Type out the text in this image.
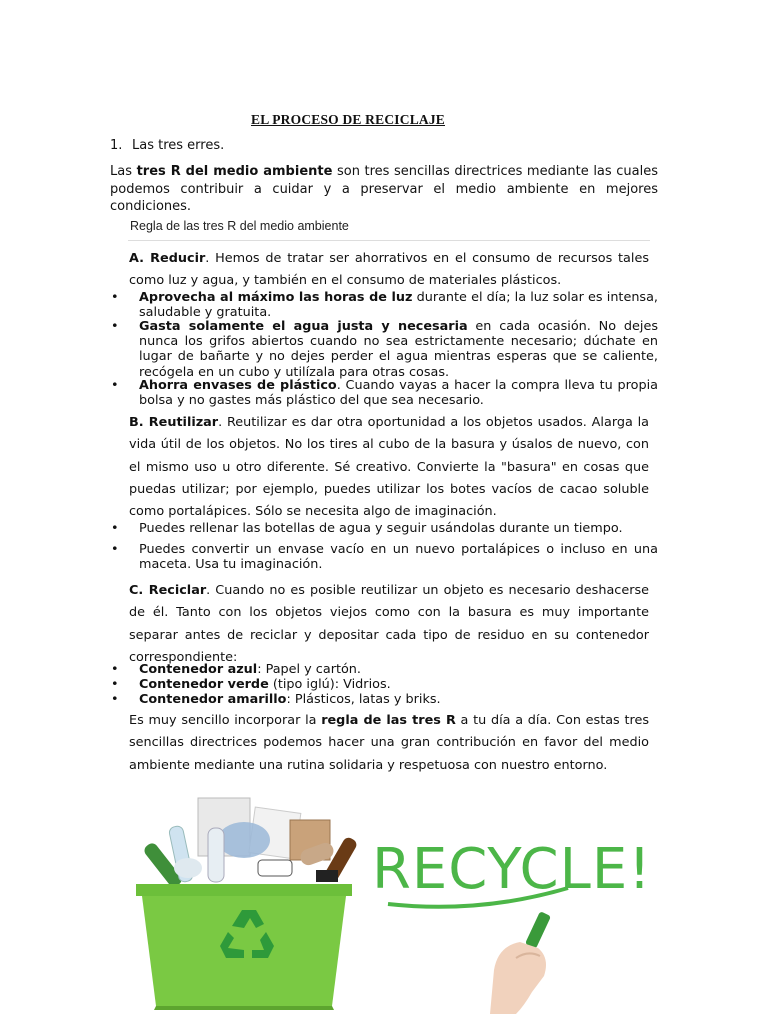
EL PROCESO DE RECICLAJE
1. Las tres erres.
Las tres R del medio ambiente son tres sencillas directrices mediante las cuales podemos contribuir a cuidar y a preservar el medio ambiente en mejores condiciones.
Regla de las tres R del medio ambiente
A. Reducir. Hemos de tratar ser ahorrativos en el consumo de recursos tales como luz y agua, y también en el consumo de materiales plásticos.
•	Aprovecha al máximo las horas de luz durante el día; la luz solar es intensa, saludable y gratuita.
•	Gasta solamente el agua justa y necesaria en cada ocasión. No dejes nunca los grifos abiertos cuando no sea estrictamente necesario; dúchate en lugar de bañarte y no dejes perder el agua mientras esperas que se caliente, recógela en un cubo y utilízala para otras cosas.
•	Ahorra envases de plástico. Cuando vayas a hacer la compra lleva tu propia bolsa y no gastes más plástico del que sea necesario.
B. Reutilizar. Reutilizar es dar otra oportunidad a los objetos usados. Alarga la vida útil de los objetos. No los tires al cubo de la basura y úsalos de nuevo, con el mismo uso u otro diferente. Sé creativo. Convierte la "basura" en cosas que puedas utilizar; por ejemplo, puedes utilizar los botes vacíos de cacao soluble como portalápices. Sólo se necesita algo de imaginación.
•	Puedes rellenar las botellas de agua y seguir usándolas durante un tiempo.
•	Puedes convertir un envase vacío en un nuevo portalápices o incluso en una maceta. Usa tu imaginación.
C. Reciclar. Cuando no es posible reutilizar un objeto es necesario deshacerse de él. Tanto con los objetos viejos como con la basura es muy importante separar antes de reciclar y depositar cada tipo de residuo en su contenedor correspondiente:
•	Contenedor azul: Papel y cartón.
•	Contenedor verde (tipo iglú): Vidrios.
•	Contenedor amarillo: Plásticos, latas y briks.
Es muy sencillo incorporar la regla de las tres R a tu día a día. Con estas tres sencillas directrices podemos hacer una gran contribución en favor del medio ambiente mediante una rutina solidaria y respetuosa con nuestro entorno.
RECYCLE!
